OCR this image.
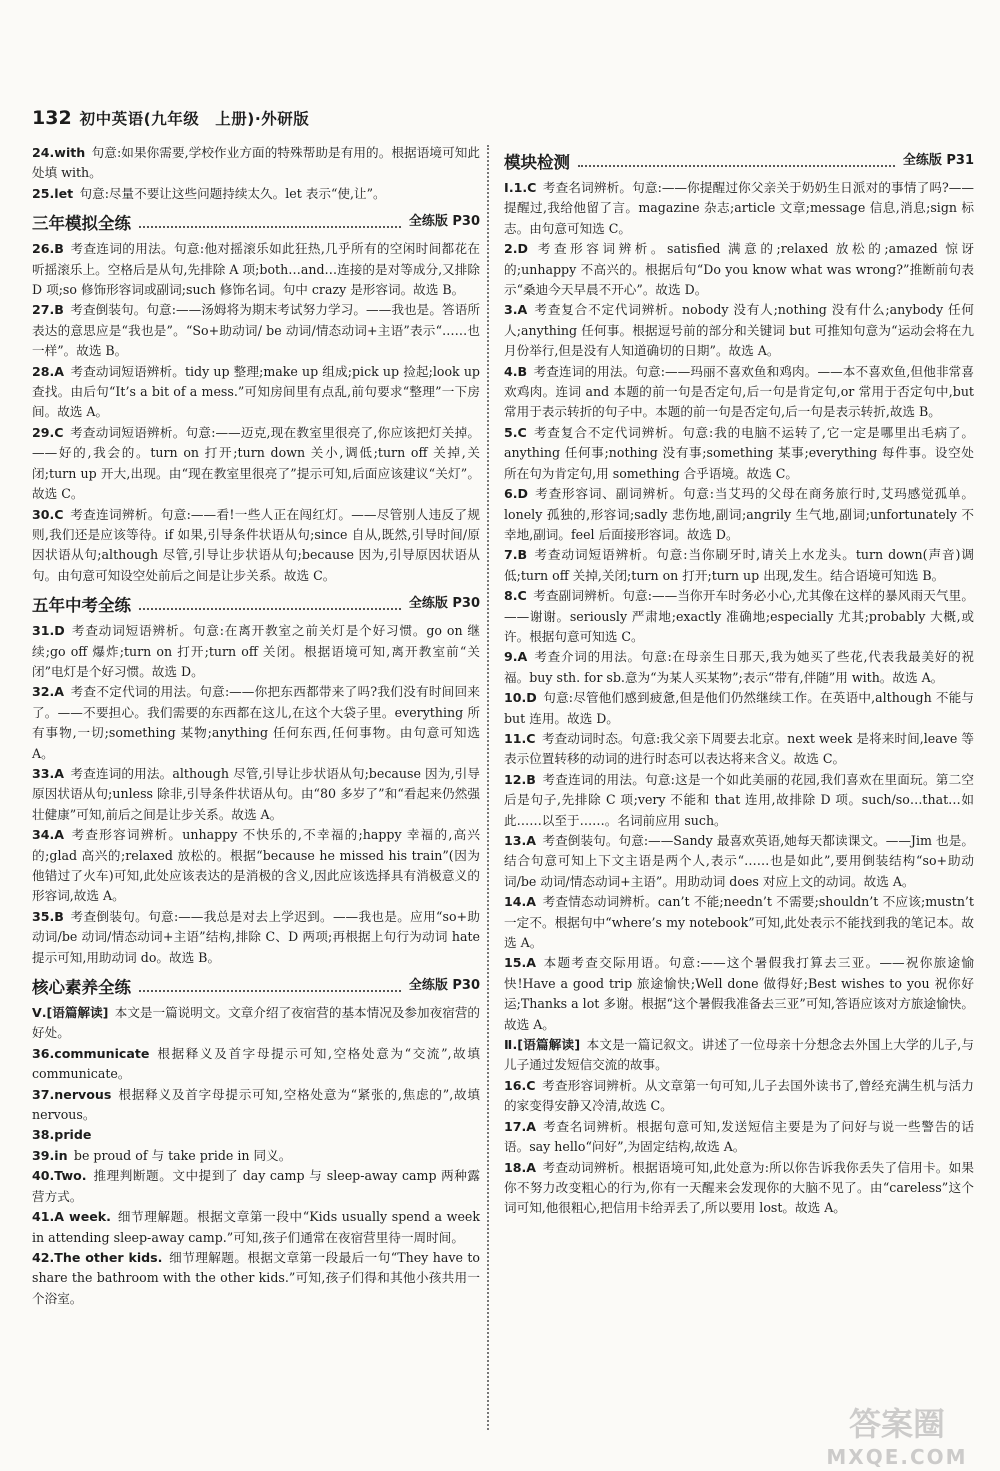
132 初中英语(九年级　上册)·外研版

24.with  句意:如果你需要,学校作业方面的特殊帮助是有用的。根据语境可知此处填 with。

25.let  句意:尽量不要让这些问题持续太久。let 表示“使,让”。

三年模拟全练	全练版 P30

26.B  考查连词的用法。句意:他对摇滚乐如此狂热,几乎所有的空闲时间都花在听摇滚乐上。空格后是从句,先排除 A 项;both…and…连接的是对等成分,又排除 D 项;so 修饰形容词或副词;such 修饰名词。句中 crazy 是形容词。故选 B。

27.B  考查倒装句。句意:——汤姆将为期末考试努力学习。——我也是。答语所表达的意思应是“我也是”。“So+助动词/ be 动词/情态动词+主语”表示“……也一样”。故选 B。

28.A  考查动词短语辨析。tidy up 整理;make up 组成;pick up 捡起;look up 查找。由后句“It’s a bit of a mess.”可知房间里有点乱,前句要求“整理”一下房间。故选 A。

29.C  考查动词短语辨析。句意:——迈克,现在教室里很亮了,你应该把灯关掉。——好的,我会的。turn on 打开;turn down 关小,调低;turn off 关掉,关闭;turn up 开大,出现。由“现在教室里很亮了”提示可知,后面应该建议“关灯”。故选 C。

30.C  考查连词辨析。句意:——看!一些人正在闯红灯。——尽管别人违反了规则,我们还是应该等待。if 如果,引导条件状语从句;since 自从,既然,引导时间/原因状语从句;although 尽管,引导让步状语从句;because 因为,引导原因状语从句。由句意可知设空处前后之间是让步关系。故选 C。

五年中考全练	全练版 P30

31.D  考查动词短语辨析。句意:在离开教室之前关灯是个好习惯。go on 继续;go off 爆炸;turn on 打开;turn off 关闭。根据语境可知,离开教室前“关闭”电灯是个好习惯。故选 D。

32.A  考查不定代词的用法。句意:——你把东西都带来了吗?我们没有时间回来了。——不要担心。我们需要的东西都在这儿,在这个大袋子里。everything 所有事物,一切;something 某物;anything 任何东西,任何事物。由句意可知选 A。

33.A  考查连词的用法。although 尽管,引导让步状语从句;because 因为,引导原因状语从句;unless 除非,引导条件状语从句。由“80 多岁了”和“看起来仍然强壮健康”可知,前后之间是让步关系。故选 A。

34.A  考查形容词辨析。unhappy 不快乐的,不幸福的;happy 幸福的,高兴的;glad 高兴的;relaxed 放松的。根据“because he missed his train”(因为他错过了火车)可知,此处应该表达的是消极的含义,因此应该选择具有消极意义的形容词,故选 A。

35.B  考查倒装句。句意:——我总是对去上学迟到。——我也是。应用“so+助动词/be 动词/情态动词+主语”结构,排除 C、D 两项;再根据上句行为动词 hate 提示可知,用助动词 do。故选 B。

核心素养全练	全练版 P30

Ⅴ.[语篇解读]  本文是一篇说明文。文章介绍了夜宿营的基本情况及参加夜宿营的好处。

36.communicate  根据释义及首字母提示可知,空格处意为“交流”,故填 communicate。

37.nervous  根据释义及首字母提示可知,空格处意为“紧张的,焦虑的”,故填 nervous。

38.pride 

39.in  be proud of 与 take pride in 同义。

40.Two.  推理判断题。文中提到了 day camp 与 sleep-away camp 两种露营方式。

41.A week.  细节理解题。根据文章第一段中“Kids usually spend a week in attending sleep-away camp.”可知,孩子们通常在夜宿营里待一周时间。

42.The other kids.  细节理解题。根据文章第一段最后一句“They have to share the bathroom with the other kids.”可知,孩子们得和其他小孩共用一个浴室。

模块检测	全练版 P31

Ⅰ.1.C  考查名词辨析。句意:——你提醒过你父亲关于奶奶生日派对的事情了吗?——提醒过,我给他留了言。magazine 杂志;article 文章;message 信息,消息;sign 标志。由句意可知选 C。

2.D  考查形容词辨析。satisfied 满意的;relaxed 放松的;amazed 惊讶的;unhappy 不高兴的。根据后句“Do you know what was wrong?”推断前句表示“桑迪今天早晨不开心”。故选 D。

3.A  考查复合不定代词辨析。nobody 没有人;nothing 没有什么;anybody 任何人;anything 任何事。根据逗号前的部分和关键词 but 可推知句意为“运动会将在九月份举行,但是没有人知道确切的日期”。故选 A。

4.B  考查连词的用法。句意:——玛丽不喜欢鱼和鸡肉。——本不喜欢鱼,但他非常喜欢鸡肉。连词 and 本题的前一句是否定句,后一句是肯定句,or 常用于否定句中,but 常用于表示转折的句子中。本题的前一句是否定句,后一句是表示转折,故选 B。

5.C  考查复合不定代词辨析。句意:我的电脑不运转了,它一定是哪里出毛病了。anything 任何事;nothing 没有事;something 某事;everything 每件事。设空处所在句为肯定句,用 something 合乎语境。故选 C。

6.D  考查形容词、副词辨析。句意:当艾玛的父母在商务旅行时,艾玛感觉孤单。lonely 孤独的,形容词;sadly 悲伤地,副词;angrily 生气地,副词;unfortunately 不幸地,副词。feel 后面接形容词。故选 D。

7.B  考查动词短语辨析。句意:当你刷牙时,请关上水龙头。turn down(声音)调低;turn off 关掉,关闭;turn on 打开;turn up 出现,发生。结合语境可知选 B。

8.C  考查副词辨析。句意:——当你开车时务必小心,尤其像在这样的暴风雨天气里。——谢谢。seriously 严肃地;exactly 准确地;especially 尤其;probably 大概,或许。根据句意可知选 C。

9.A  考查介词的用法。句意:在母亲生日那天,我为她买了些花,代表我最美好的祝福。buy sth. for sb.意为“为某人买某物”;表示“带有,伴随”用 with。故选 A。

10.D  句意:尽管他们感到疲惫,但是他们仍然继续工作。在英语中,although 不能与 but 连用。故选 D。

11.C  考查动词时态。句意:我父亲下周要去北京。next week 是将来时间,leave 等表示位置转移的动词的进行时态可以表达将来含义。故选 C。

12.B  考查连词的用法。句意:这是一个如此美丽的花园,我们喜欢在里面玩。第二空后是句子,先排除 C 项;very 不能和 that 连用,故排除 D 项。such/so…that…如此……以至于……。名词前应用 such。

13.A  考查倒装句。句意:——Sandy 最喜欢英语,她每天都读课文。——Jim 也是。结合句意可知上下文主语是两个人,表示“……也是如此”,要用倒装结构“so+助动词/be 动词/情态动词+主语”。用助动词 does 对应上文的动词。故选 A。

14.A  考查情态动词辨析。can’t 不能;needn’t 不需要;shouldn’t 不应该;mustn’t 一定不。根据句中“where’s my notebook”可知,此处表示不能找到我的笔记本。故选 A。

15.A  本题考查交际用语。句意:——这个暑假我打算去三亚。——祝你旅途愉快!Have a good trip 旅途愉快;Well done 做得好;Best wishes to you 祝你好运;Thanks a lot 多谢。根据“这个暑假我准备去三亚”可知,答语应该对方旅途愉快。故选 A。

Ⅱ.[语篇解读]  本文是一篇记叙文。讲述了一位母亲十分想念去外国上大学的儿子,与儿子通过发短信交流的故事。

16.C  考查形容词辨析。从文章第一句可知,儿子去国外读书了,曾经充满生机与活力的家变得安静又冷清,故选 C。

17.A  考查名词辨析。根据句意可知,发送短信主要是为了问好与说一些警告的话语。say hello“问好”,为固定结构,故选 A。

18.A  考查动词辨析。根据语境可知,此处意为:所以你告诉我你丢失了信用卡。如果你不努力改变粗心的行为,你有一天醒来会发现你的大脑不见了。由“careless”这个词可知,他很粗心,把信用卡给弄丢了,所以要用 lost。故选 A。

答案圈
MXQE.COM
